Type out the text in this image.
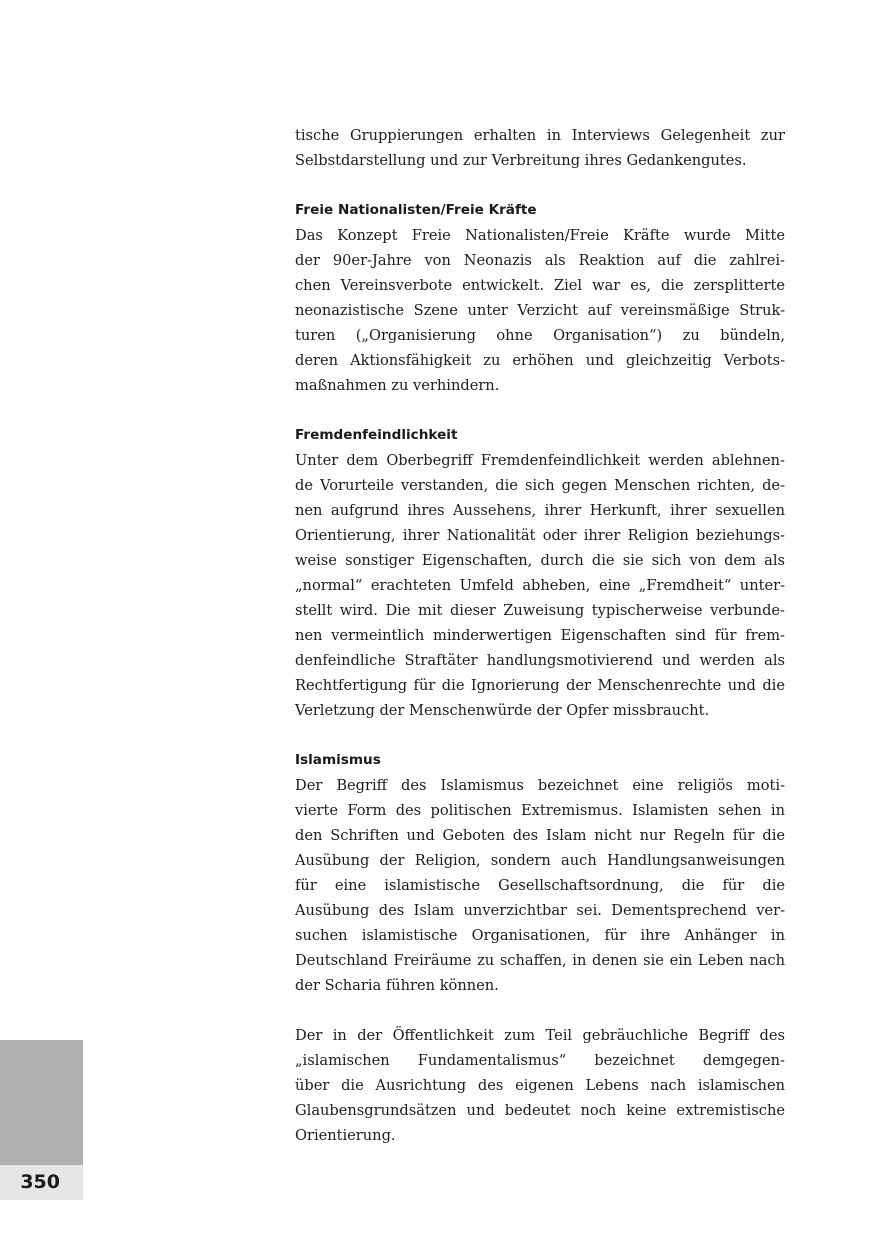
tische Gruppierungen erhalten in Interviews Gelegenheit zur
Selbstdarstellung und zur Verbreitung ihres Gedankengutes.
Freie Nationalisten/Freie Kräfte
Das Konzept Freie Nationalisten/Freie Kräfte wurde Mitte
der 90er-Jahre von Neonazis als Reaktion auf die zahlrei-
chen Vereinsverbote entwickelt. Ziel war es, die zersplitterte
neonazistische Szene unter Verzicht auf vereinsmäßige Struk-
turen („Organisierung ohne Organisation“) zu bündeln,
deren Aktionsfähigkeit zu erhöhen und gleichzeitig Verbots-
maßnahmen zu verhindern.
Fremdenfeindlichkeit
Unter dem Oberbegriff Fremdenfeindlichkeit werden ablehnen-
de Vorurteile verstanden, die sich gegen Menschen richten, de-
nen aufgrund ihres Aussehens, ihrer Herkunft, ihrer sexuellen
Orientierung, ihrer Nationalität oder ihrer Religion beziehungs-
weise sonstiger Eigenschaften, durch die sie sich von dem als
„normal“ erachteten Umfeld abheben, eine „Fremdheit“ unter-
stellt wird. Die mit dieser Zuweisung typischerweise verbunde-
nen vermeintlich minderwertigen Eigenschaften sind für frem-
denfeindliche Straftäter handlungsmotivierend und werden als
Rechtfertigung für die Ignorierung der Menschenrechte und die
Verletzung der Menschenwürde der Opfer missbraucht.
Islamismus
Der Begriff des Islamismus bezeichnet eine religiös moti-
vierte Form des politischen Extremismus. Islamisten sehen in
den Schriften und Geboten des Islam nicht nur Regeln für die
Ausübung der Religion, sondern auch Handlungsanweisungen
für eine islamistische Gesellschaftsordnung, die für die
Ausübung des Islam unverzichtbar sei. Dementsprechend ver-
suchen islamistische Organisationen, für ihre Anhänger in
Deutschland Freiräume zu schaffen, in denen sie ein Leben nach
der Scharia führen können.
Der in der Öffentlichkeit zum Teil gebräuchliche Begriff des
„islamischen Fundamentalismus“ bezeichnet demgegen-
über die Ausrichtung des eigenen Lebens nach islamischen
Glaubensgrundsätzen und bedeutet noch keine extremistische
Orientierung.
350
